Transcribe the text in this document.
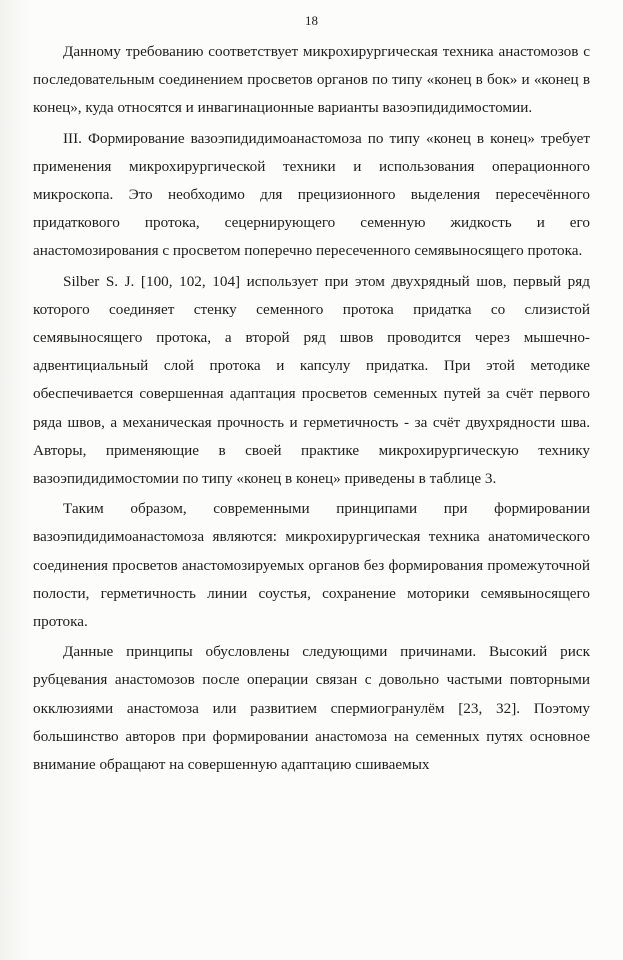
18

Данному требованию соответствует микрохирургическая техника анастомозов с последовательным соединением просветов органов по типу «конец в бок» и «конец в конец», куда относятся и инвагинационные варианты вазоэпидидимостомии.

III. Формирование вазоэпидидимоанастомоза по типу «конец в конец» требует применения микрохирургической техники и использования операционного микроскопа. Это необходимо для прецизионного выделения пересечённого придаткового протока, сецернирующего семенную жидкость и его анастомозирования с просветом поперечно пересеченного семявыносящего протока.

Silber S. J. [100, 102, 104] использует при этом двухрядный шов, первый ряд которого соединяет стенку семенного протока придатка со слизистой семявыносящего протока, а второй ряд швов проводится через мышечно-адвентициальный слой протока и капсулу придатка. При этой методике обеспечивается совершенная адаптация просветов семенных путей за счёт первого ряда швов, а механическая прочность и герметичность - за счёт двухрядности шва. Авторы, применяющие в своей практике микрохирургическую технику вазоэпидидимостомии по типу «конец в конец» приведены в таблице 3.

Таким образом, современными принципами при формировании вазоэпидидимоанастомоза являются: микрохирургическая техника анатомического соединения просветов анастомозируемых органов без формирования промежуточной полости, герметичность линии соустья, сохранение моторики семявыносящего протока.

Данные принципы обусловлены следующими причинами. Высокий риск рубцевания анастомозов после операции связан с довольно частыми повторными окклюзиями анастомоза или развитием спермиогранулём [23, 32]. Поэтому большинство авторов при формировании анастомоза на семенных путях основное внимание обращают на совершенную адаптацию сшиваемых
